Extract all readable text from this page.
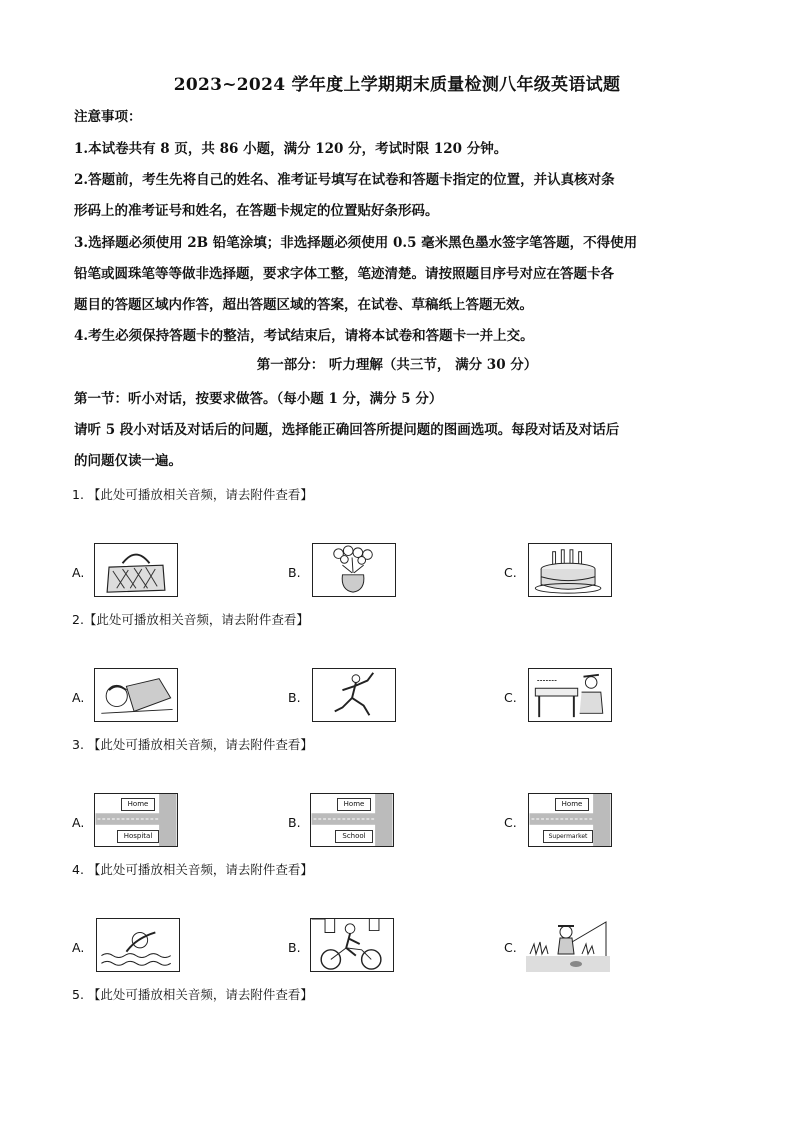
2023~2024 学年度上学期期末质量检测八年级英语试题
注意事项：
1.本试卷共有 8 页，共 86 小题，满分 120 分，考试时限 120 分钟。
2.答题前，考生先将自己的姓名、准考证号填写在试卷和答题卡指定的位置，并认真核对条
形码上的准考证号和姓名，在答题卡规定的位置贴好条形码。
3.选择题必须使用 2B 铅笔涂填；非选择题必须使用 0.5 毫米黑色墨水签字笔答题，不得使用
铅笔或圆珠笔等等做非选择题，要求字体工整，笔迹清楚。请按照题目序号对应在答题卡各
题目的答题区域内作答，超出答题区域的答案，在试卷、草稿纸上答题无效。
4.考生必须保持答题卡的整洁，考试结束后，请将本试卷和答题卡一并上交。
第一部分： 听力理解（共三节， 满分 30 分）
第一节：听小对话，按要求做答。（每小题 1 分，满分 5 分）
请听 5 段小对话及对话后的问题，选择能正确回答所提问题的图画选项。每段对话及对话后
的问题仅读一遍。
1. 【此处可播放相关音频，请去附件查看】
A.	B.	C.
2.【此处可播放相关音频，请去附件查看】
A.	B.	C.
3. 【此处可播放相关音频，请去附件查看】
A.
Home
Hospital
B.
Home
School
C.
Home
Supermarket
4. 【此处可播放相关音频，请去附件查看】
A.	B.	C.
5. 【此处可播放相关音频，请去附件查看】
